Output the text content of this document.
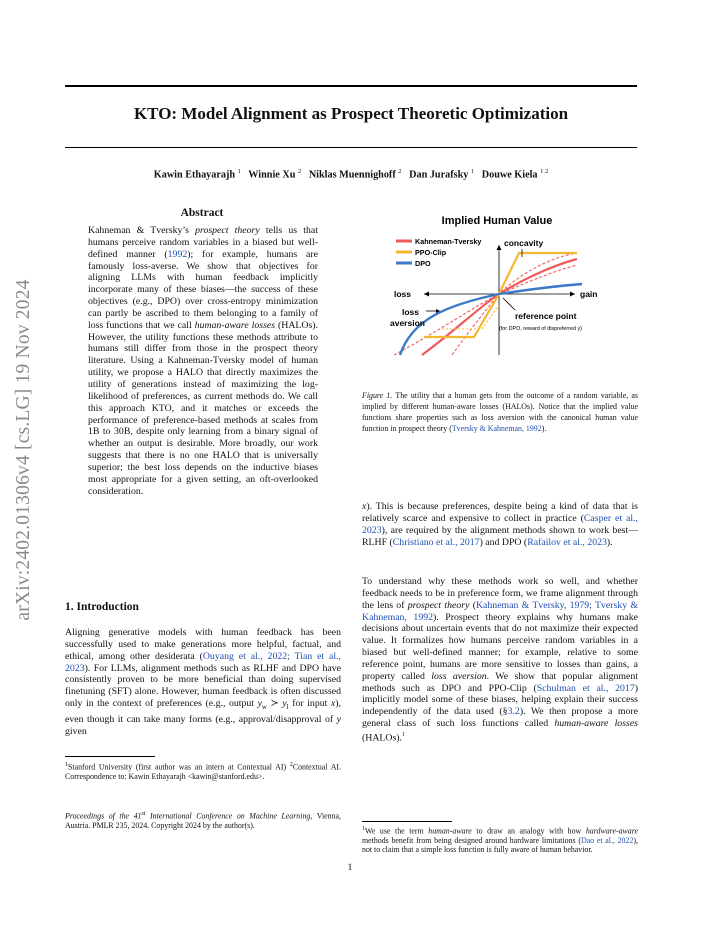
KTO: Model Alignment as Prospect Theoretic Optimization
Kawin Ethayarajh $^1$ Winnie Xu $^2$ Niklas Muennighoff $^2$ Dan Jurafsky $^1$ Douwe Kiela $^{1 2}$
arXiv:2402.01306v4 [cs.LG] 19 Nov 2024
Abstract
Kahneman & Tversky’s prospect theory tells us that humans perceive random variables in a biased but well-defined manner (1992); for example, humans are famously loss-averse. We show that objectives for aligning LLMs with human feedback implicitly incorporate many of these biases—the success of these objectives (e.g., DPO) over cross-entropy minimization can partly be ascribed to them belonging to a family of loss functions that we call human-aware losses (HALOs). However, the utility functions these methods attribute to humans still differ from those in the prospect theory literature. Using a Kahneman-Tversky model of human utility, we propose a HALO that directly maximizes the utility of generations instead of maximizing the log-likelihood of preferences, as current methods do. We call this approach KTO, and it matches or exceeds the performance of preference-based methods at scales from 1B to 30B, despite only learning from a binary signal of whether an output is desirable. More broadly, our work suggests that there is no one HALO that is universally superior; the best loss depends on the inductive biases most appropriate for a given setting, an oft-overlooked consideration.
1. Introduction
Aligning generative models with human feedback has been successfully used to make generations more helpful, factual, and ethical, among other desiderata (Ouyang et al., 2022; Tian et al., 2023). For LLMs, alignment methods such as RLHF and DPO have consistently proven to be more beneficial than doing supervised finetuning (SFT) alone. However, human feedback is often discussed only in the context of preferences (e.g., output $y_w$ ≻ $y_l$ for input x), even though it can take many forms (e.g., approval/disapproval of y given
$^1$Stanford University (first author was an intern at Contextual AI) $^2$Contextual AI. Correspondence to: Kawin Ethayarajh <kawin@stanford.edu>.
Proceedings of the 41st International Conference on Machine Learning, Vienna, Austria. PMLR 235, 2024. Copyright 2024 by the author(s).
Implied Human Value
Kahneman-Tversky
PPO-Clip
DPO
concavity
loss	gain
loss
aversion
reference point
(for DPO, reward of dispreferred y)
Figure 1. The utility that a human gets from the outcome of a random variable, as implied by different human-aware losses (HALOs). Notice that the implied value functions share properties such as loss aversion with the canonical human value function in prospect theory (Tversky & Kahneman, 1992).
x). This is because preferences, despite being a kind of data that is relatively scarce and expensive to collect in practice (Casper et al., 2023), are required by the alignment methods shown to work best—RLHF (Christiano et al., 2017) and DPO (Rafailov et al., 2023).
To understand why these methods work so well, and whether feedback needs to be in preference form, we frame alignment through the lens of prospect theory (Kahneman & Tversky, 1979; Tversky & Kahneman, 1992). Prospect theory explains why humans make decisions about uncertain events that do not maximize their expected value. It formalizes how humans perceive random variables in a biased but well-defined manner; for example, relative to some reference point, humans are more sensitive to losses than gains, a property called loss aversion. We show that popular alignment methods such as DPO and PPO-Clip (Schulman et al., 2017) implicitly model some of these biases, helping explain their success independently of the data used (§3.2). We then propose a more general class of such loss functions called human-aware losses (HALOs).$^1$
$^1$We use the term human-aware to draw an analogy with how hardware-aware methods benefit from being designed around hardware limitations (Dao et al., 2022), not to claim that a simple loss function is fully aware of human behavior.
1
